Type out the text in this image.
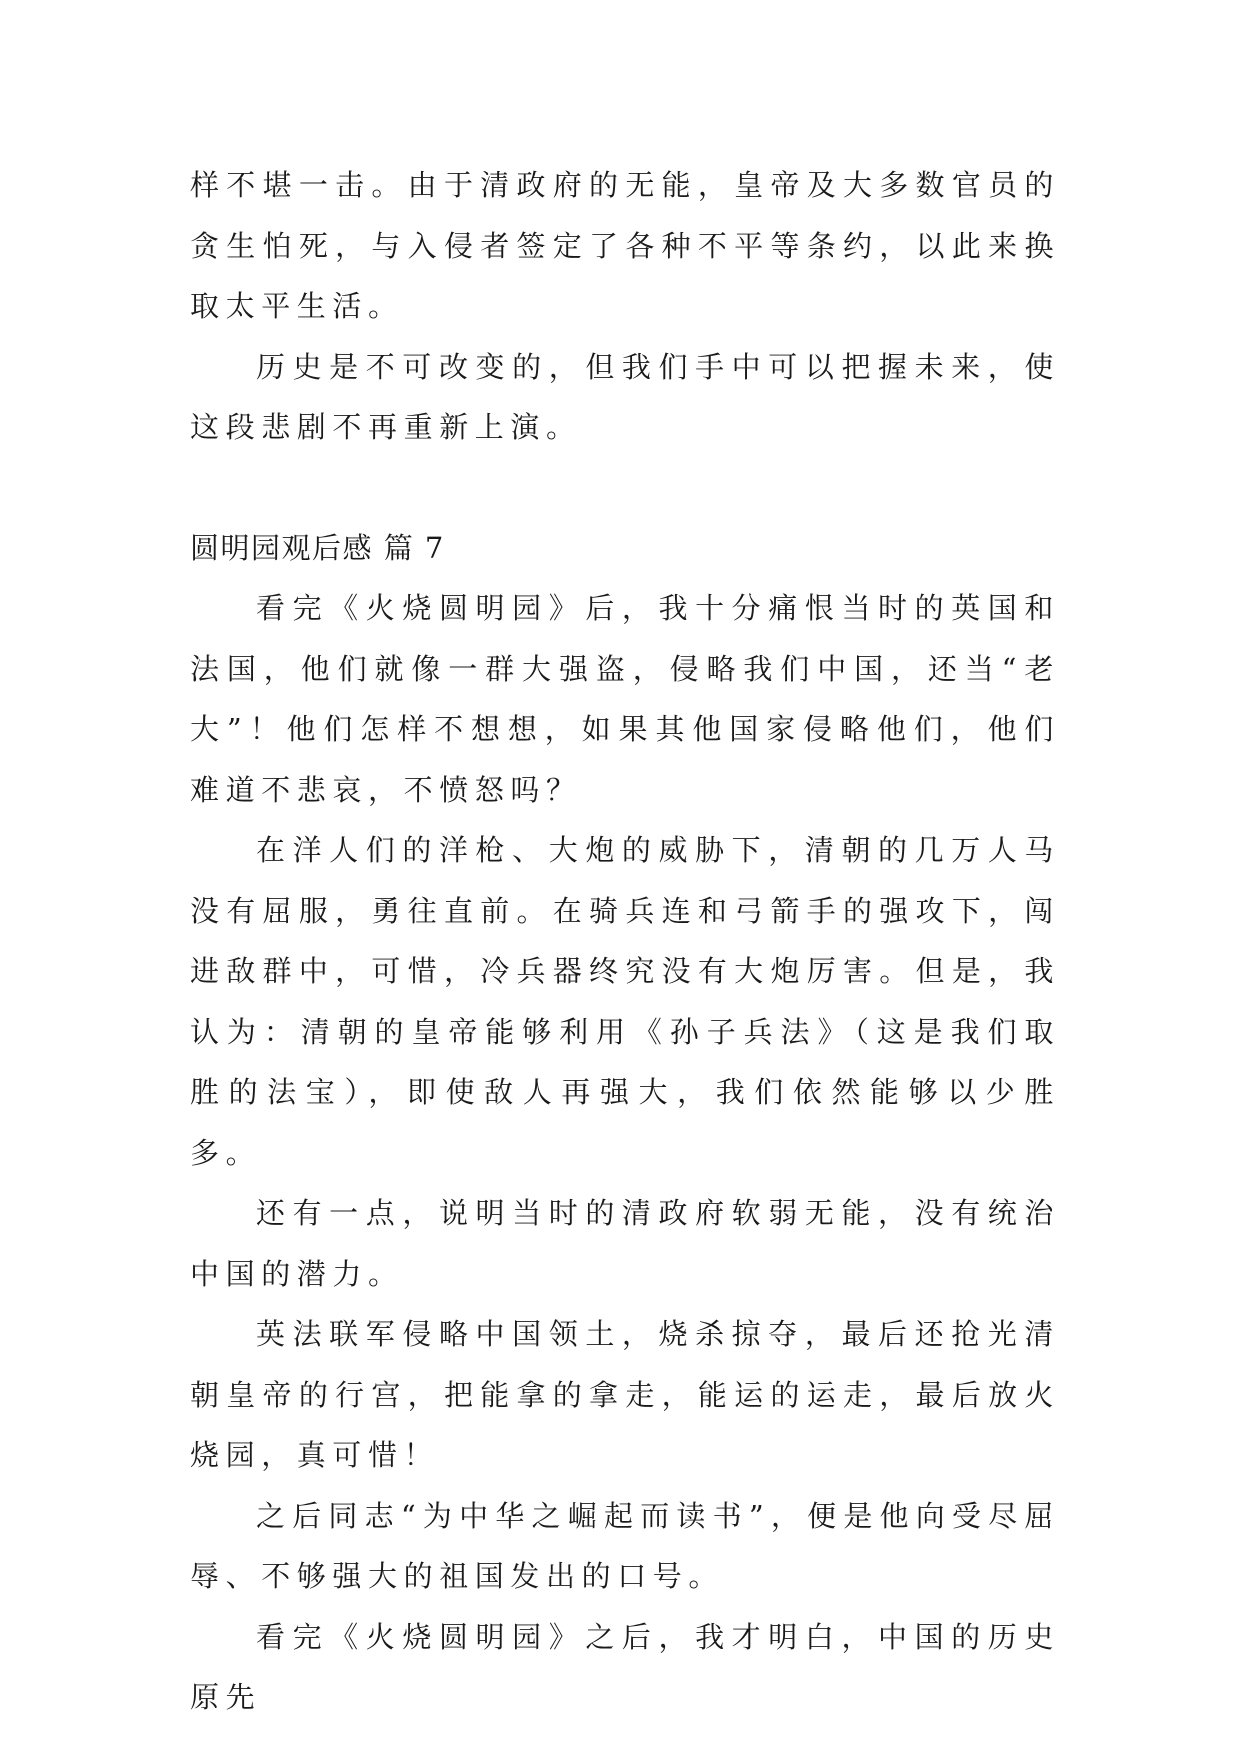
样不堪一击。由于清政府的无能，皇帝及大多数官员的贪生怕死，与入侵者签定了各种不平等条约，以此来换取太平生活。

历史是不可改变的，但我们手中可以把握未来，使这段悲剧不再重新上演。

圆明园观后感 篇 7

看完《火烧圆明园》后，我十分痛恨当时的英国和法国，他们就像一群大强盗，侵略我们中国，还当“老大”！他们怎样不想想，如果其他国家侵略他们，他们难道不悲哀，不愤怒吗？

在洋人们的洋枪、大炮的威胁下，清朝的几万人马没有屈服，勇往直前。在骑兵连和弓箭手的强攻下，闯进敌群中，可惜，冷兵器终究没有大炮厉害。但是，我认为：清朝的皇帝能够利用《孙子兵法》（这是我们取胜的法宝），即使敌人再强大，我们依然能够以少胜多。

还有一点，说明当时的清政府软弱无能，没有统治中国的潜力。

英法联军侵略中国领土，烧杀掠夺，最后还抢光清朝皇帝的行宫，把能拿的拿走，能运的运走，最后放火烧园，真可惜！

之后同志“为中华之崛起而读书”，便是他向受尽屈辱、不够强大的祖国发出的口号。

看完《火烧圆明园》之后，我才明白，中国的历史原先
